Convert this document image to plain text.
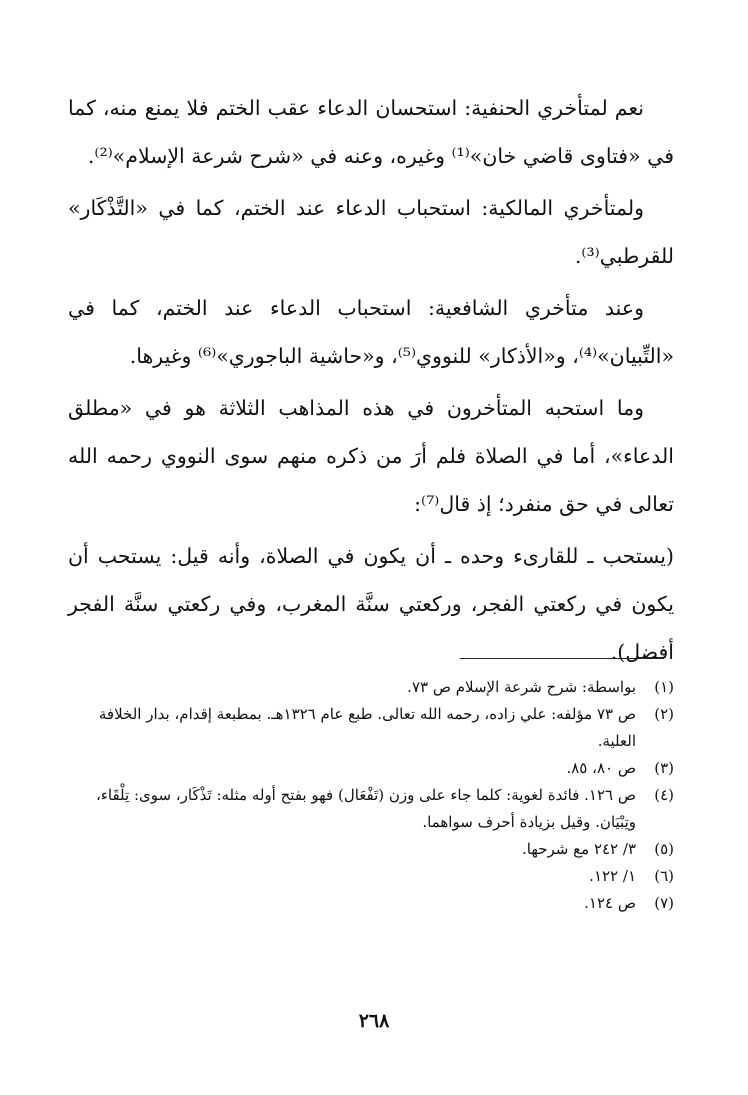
نعم لمتأخري الحنفية: استحسان الدعاء عقب الختم فلا يمنع منه، كما في «فتاوى قاضي خان»⁽¹⁾ وغيره، وعنه في «شرح شرعة الإسلام»⁽²⁾.

ولمتأخري المالكية: استحباب الدعاء عند الختم، كما في «التَّذْكَار» للقرطبي⁽³⁾.

وعند متأخري الشافعية: استحباب الدعاء عند الختم، كما في «التِّبيان»⁽⁴⁾، و«الأذكار» للنووي⁽⁵⁾، و«حاشية الباجوري»⁽⁶⁾ وغيرها.

وما استحبه المتأخرون في هذه المذاهب الثلاثة هو في «مطلق الدعاء»، أما في الصلاة فلم أرَ من ذكره منهم سوى النووي رحمه الله تعالى في حق منفرد؛ إذ قال⁽⁷⁾:

(يستحب ـ للقارىء وحده ـ أن يكون في الصلاة، وأنه قيل: يستحب أن يكون في ركعتي الفجر، وركعتي سنَّة المغرب، وفي ركعتي سنَّة الفجر أفضل).

(١)
بواسطة: شرح شرعة الإسلام ص ٧٣.
(٢)
ص ٧٣ مؤلفه: علي زاده، رحمه الله تعالى. طبع عام ١٣٢٦هـ. بمطبعة إقدام، بدار الخلافة العلية.
(٣)
ص ٨٠، ٨٥.
(٤)
ص ١٢٦. فائدة لغوية: كلما جاء على وزن (تَفْعَال) فهو بفتح أوله مثله: تَذْكَار، سوى: تِلْقَاء، وتِبْيَان. وقيل بزيادة أحرف سواهما.
(٥)
٣/ ٢٤٢ مع شرحها.
(٦)
١/ ١٢٢.
(٧)
ص ١٢٤.
٢٦٨
